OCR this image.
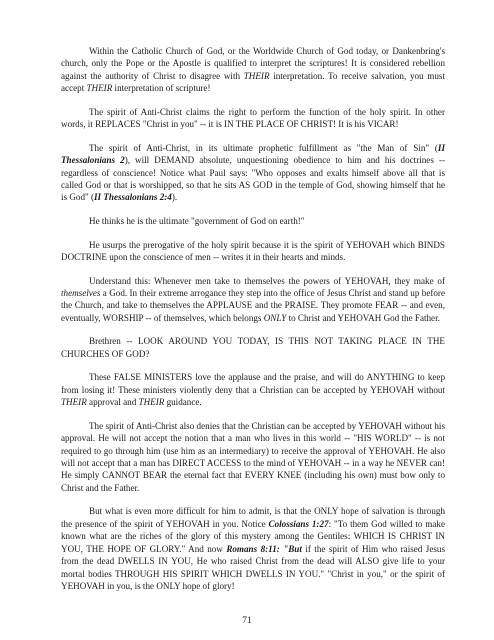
Within the Catholic Church of God, or the Worldwide Church of God today, or Dankenbring's church, only the Pope or the Apostle is qualified to interpret the scriptures! It is considered rebellion against the authority of Christ to disagree with THEIR interpretation. To receive salvation, you must accept THEIR interpretation of scripture!

The spirit of Anti-Christ claims the right to perform the function of the holy spirit. In other words, it REPLACES "Christ in you" -- it is IN THE PLACE OF CHRIST! It is his VICAR!

The spirit of Anti-Christ, in its ultimate prophetic fulfillment as "the Man of Sin" (II Thessalonians 2), will DEMAND absolute, unquestioning obedience to him and his doctrines -- regardless of conscience! Notice what Paul says: "Who opposes and exalts himself above all that is called God or that is worshipped, so that he sits AS GOD in the temple of God, showing himself that he is God" (II Thessalonians 2:4).

He thinks he is the ultimate "government of God on earth!"

He usurps the prerogative of the holy spirit because it is the spirit of YEHOVAH which BINDS DOCTRINE upon the conscience of men -- writes it in their hearts and minds.

Understand this: Whenever men take to themselves the powers of YEHOVAH, they make of themselves a God. In their extreme arrogance they step into the office of Jesus Christ and stand up before the Church, and take to themselves the APPLAUSE and the PRAISE. They promote FEAR -- and even, eventually, WORSHIP -- of themselves, which belongs ONLY to Christ and YEHOVAH God the Father.

Brethren -- LOOK AROUND YOU TODAY, IS THIS NOT TAKING PLACE IN THE CHURCHES OF GOD?

These FALSE MINISTERS love the applause and the praise, and will do ANYTHING to keep from losing it! These ministers violently deny that a Christian can be accepted by YEHOVAH without THEIR approval and THEIR guidance.

The spirit of Anti-Christ also denies that the Christian can be accepted by YEHOVAH without his approval. He will not accept the notion that a man who lives in this world -- "HIS WORLD" -- is not required to go through him (use him as an intermediary) to receive the approval of YEHOVAH. He also will not accept that a man has DIRECT ACCESS to the mind of YEHOVAH -- in a way he NEVER can! He simply CANNOT BEAR the eternal fact that EVERY KNEE (including his own) must bow only to Christ and the Father.

But what is even more difficult for him to admit, is that the ONLY hope of salvation is through the presence of the spirit of YEHOVAH in you. Notice Colossians 1:27: "To them God willed to make known what are the riches of the glory of this mystery among the Gentiles: WHICH IS CHRIST IN YOU, THE HOPE OF GLORY." And now Romans 8:11: "But if the spirit of Him who raised Jesus from the dead DWELLS IN YOU, He who raised Christ from the dead will ALSO give life to your mortal bodies THROUGH HIS SPIRIT WHICH DWELLS IN YOU." "Christ in you," or the spirit of YEHOVAH in you, is the ONLY hope of glory!

71
